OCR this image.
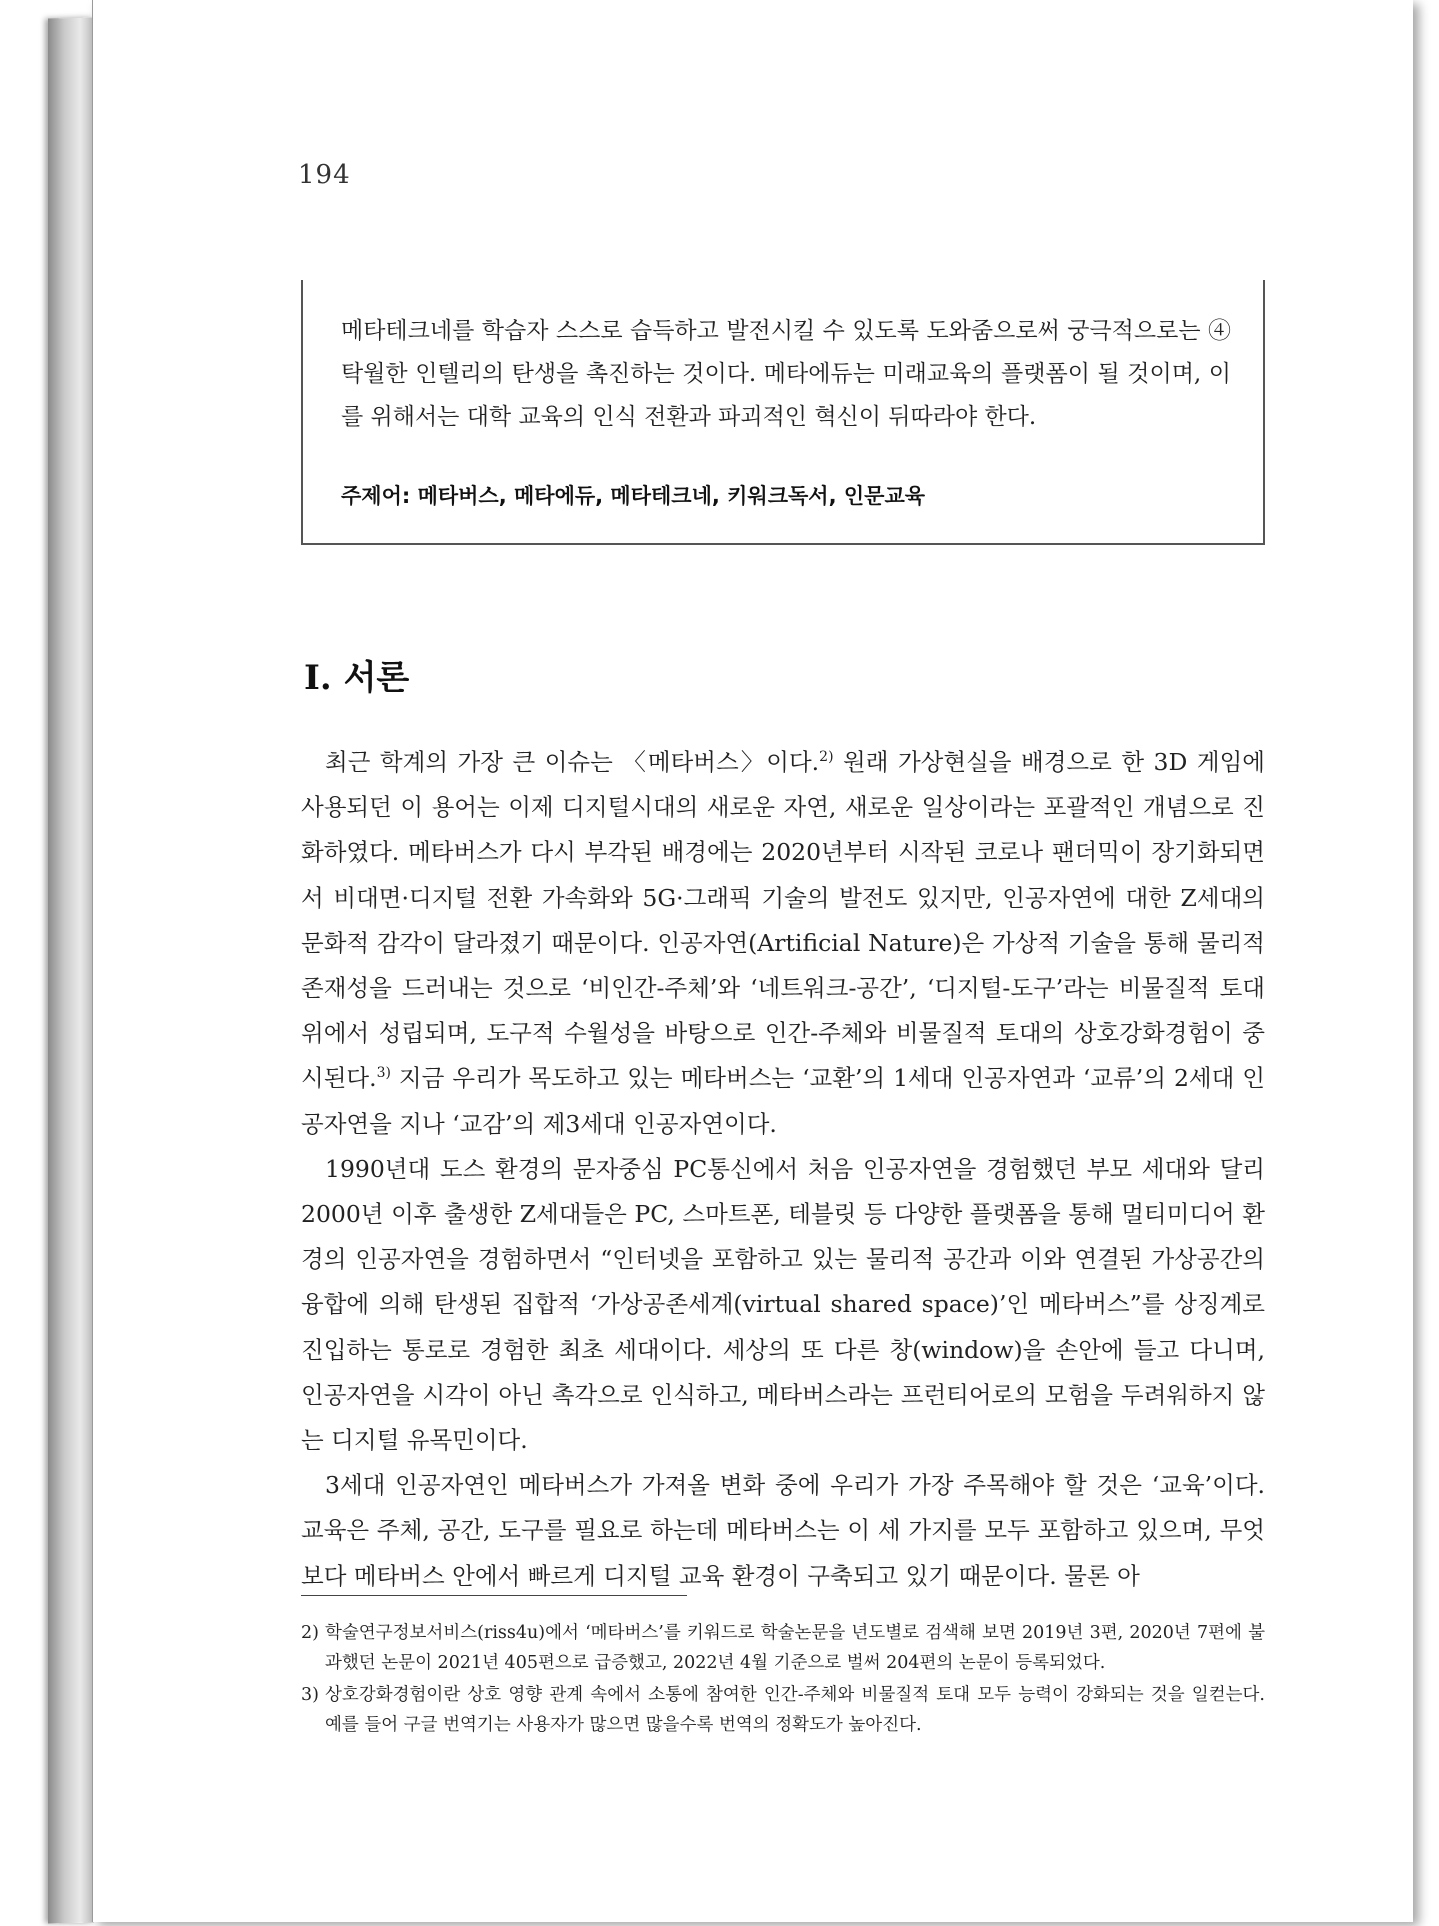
194
메타테크네를 학습자 스스로 습득하고 발전시킬 수 있도록 도와줌으로써 궁극적으로는 ④ 탁월한 인텔리의 탄생을 촉진하는 것이다. 메타에듀는 미래교육의 플랫폼이 될 것이며, 이를 위해서는 대학 교육의 인식 전환과 파괴적인 혁신이 뒤따라야 한다.
주제어: 메타버스, 메타에듀, 메타테크네, 키워크독서, 인문교육
Ⅰ. 서론

최근 학계의 가장 큰 이슈는 〈메타버스〉이다.$^{2)}$ 원래 가상현실을 배경으로 한 3D 게임에 사용되던 이 용어는 이제 디지털시대의 새로운 자연, 새로운 일상이라는 포괄적인 개념으로 진화하였다. 메타버스가 다시 부각된 배경에는 2020년부터 시작된 코로나 팬더믹이 장기화되면서 비대면·디지털 전환 가속화와 5G·그래픽 기술의 발전도 있지만, 인공자연에 대한 Z세대의 문화적 감각이 달라졌기 때문이다. 인공자연(Artificial Nature)은 가상적 기술을 통해 물리적 존재성을 드러내는 것으로 ‘비인간-주체’와 ‘네트워크-공간’, ‘디지털-도구’라는 비물질적 토대 위에서 성립되며, 도구적 수월성을 바탕으로 인간-주체와 비물질적 토대의 상호강화경험이 중시된다.$^{3)}$ 지금 우리가 목도하고 있는 메타버스는 ‘교환’의 1세대 인공자연과 ‘교류’의 2세대 인공자연을 지나 ‘교감’의 제3세대 인공자연이다.

1990년대 도스 환경의 문자중심 PC통신에서 처음 인공자연을 경험했던 부모 세대와 달리 2000년 이후 출생한 Z세대들은 PC, 스마트폰, 테블릿 등 다양한 플랫폼을 통해 멀티미디어 환경의 인공자연을 경험하면서 “인터넷을 포함하고 있는 물리적 공간과 이와 연결된 가상공간의 융합에 의해 탄생된 집합적 ‘가상공존세계(virtual shared space)’인 메타버스”를 상징계로 진입하는 통로로 경험한 최초 세대이다. 세상의 또 다른 창(window)을 손안에 들고 다니며, 인공자연을 시각이 아닌 촉각으로 인식하고, 메타버스라는 프런티어로의 모험을 두려워하지 않는 디지털 유목민이다.

3세대 인공자연인 메타버스가 가져올 변화 중에 우리가 가장 주목해야 할 것은 ‘교육’이다. 교육은 주체, 공간, 도구를 필요로 하는데 메타버스는 이 세 가지를 모두 포함하고 있으며, 무엇보다 메타버스 안에서 빠르게 디지털 교육 환경이 구축되고 있기 때문이다. 물론 아

2) 학술연구정보서비스(riss4u)에서 ‘메타버스’를 키워드로 학술논문을 년도별로 검색해 보면 2019년 3편, 2020년 7편에 불과했던 논문이 2021년 405편으로 급증했고, 2022년 4월 기준으로 벌써 204편의 논문이 등록되었다.
3) 상호강화경험이란 상호 영향 관계 속에서 소통에 참여한 인간-주체와 비물질적 토대 모두 능력이 강화되는 것을 일컫는다. 예를 들어 구글 번역기는 사용자가 많으면 많을수록 번역의 정확도가 높아진다.
